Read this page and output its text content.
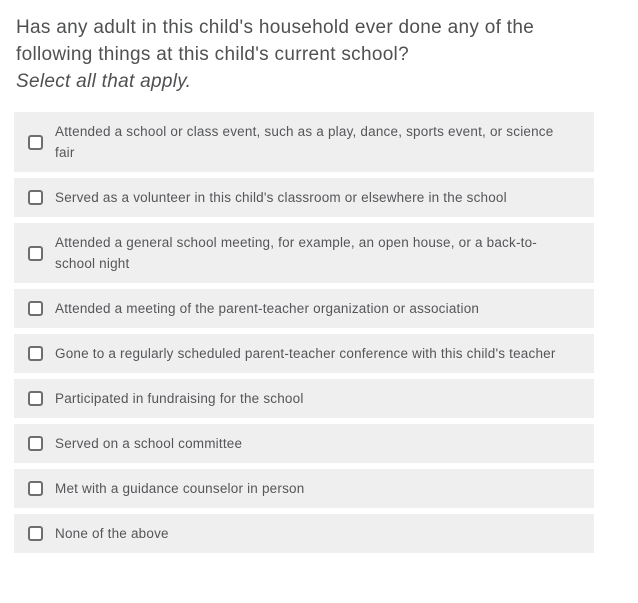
Has any adult in this child's household ever done any of the following things at this child's current school?

Select all that apply.

Attended a school or class event, such as a play, dance, sports event, or science fair
Served as a volunteer in this child's classroom or elsewhere in the school
Attended a general school meeting, for example, an open house, or a back-to-school night
Attended a meeting of the parent-teacher organization or association
Gone to a regularly scheduled parent-teacher conference with this child's teacher
Participated in fundraising for the school
Served on a school committee
Met with a guidance counselor in person
None of the above
